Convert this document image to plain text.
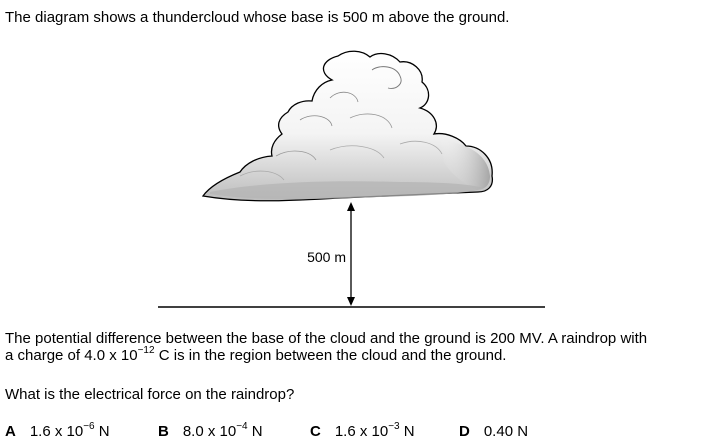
The diagram shows a thundercloud whose base is 500 m above the ground.
500 m
The potential difference between the base of the cloud and the ground is 200 MV. A raindrop with
a charge of 4.0 x $10^{-12}$ C is in the region between the cloud and the ground.
What is the electrical force on the raindrop?
A 1.6 x $10^{-6}$ N	B 8.0 x $10^{-4}$ N	C 1.6 x $10^{-3}$ N	D 0.40 N
